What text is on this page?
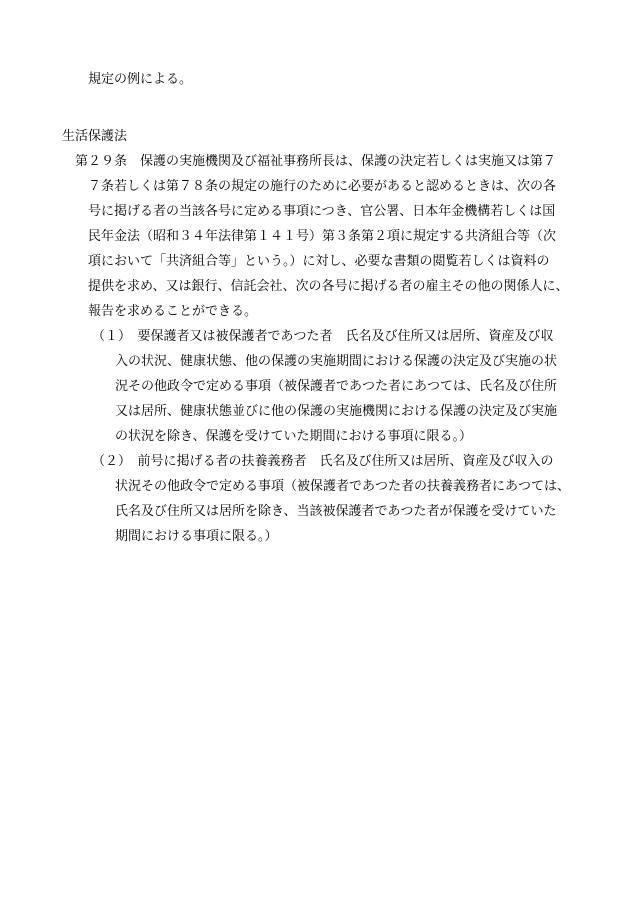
規定の例による。
生活保護法
第２９条　保護の実施機関及び福祉事務所長は、保護の決定若しくは実施又は第７
７条若しくは第７８条の規定の施行のために必要があると認めるときは、次の各
号に掲げる者の当該各号に定める事項につき、官公署、日本年金機構若しくは国
民年金法（昭和３４年法律第１４１号）第３条第２項に規定する共済組合等（次
項において「共済組合等」という。）に対し、必要な書類の閲覧若しくは資料の
提供を求め、又は銀行、信託会社、次の各号に掲げる者の雇主その他の関係人に、
報告を求めることができる。
（１）　要保護者又は被保護者であつた者　氏名及び住所又は居所、資産及び収
入の状況、健康状態、他の保護の実施期間における保護の決定及び実施の状
況その他政令で定める事項（被保護者であつた者にあつては、氏名及び住所
又は居所、健康状態並びに他の保護の実施機関における保護の決定及び実施
の状況を除き、保護を受けていた期間における事項に限る。）
（２）　前号に掲げる者の扶養義務者　氏名及び住所又は居所、資産及び収入の
状況その他政令で定める事項（被保護者であつた者の扶養義務者にあつては、
氏名及び住所又は居所を除き、当該被保護者であつた者が保護を受けていた
期間における事項に限る。）
